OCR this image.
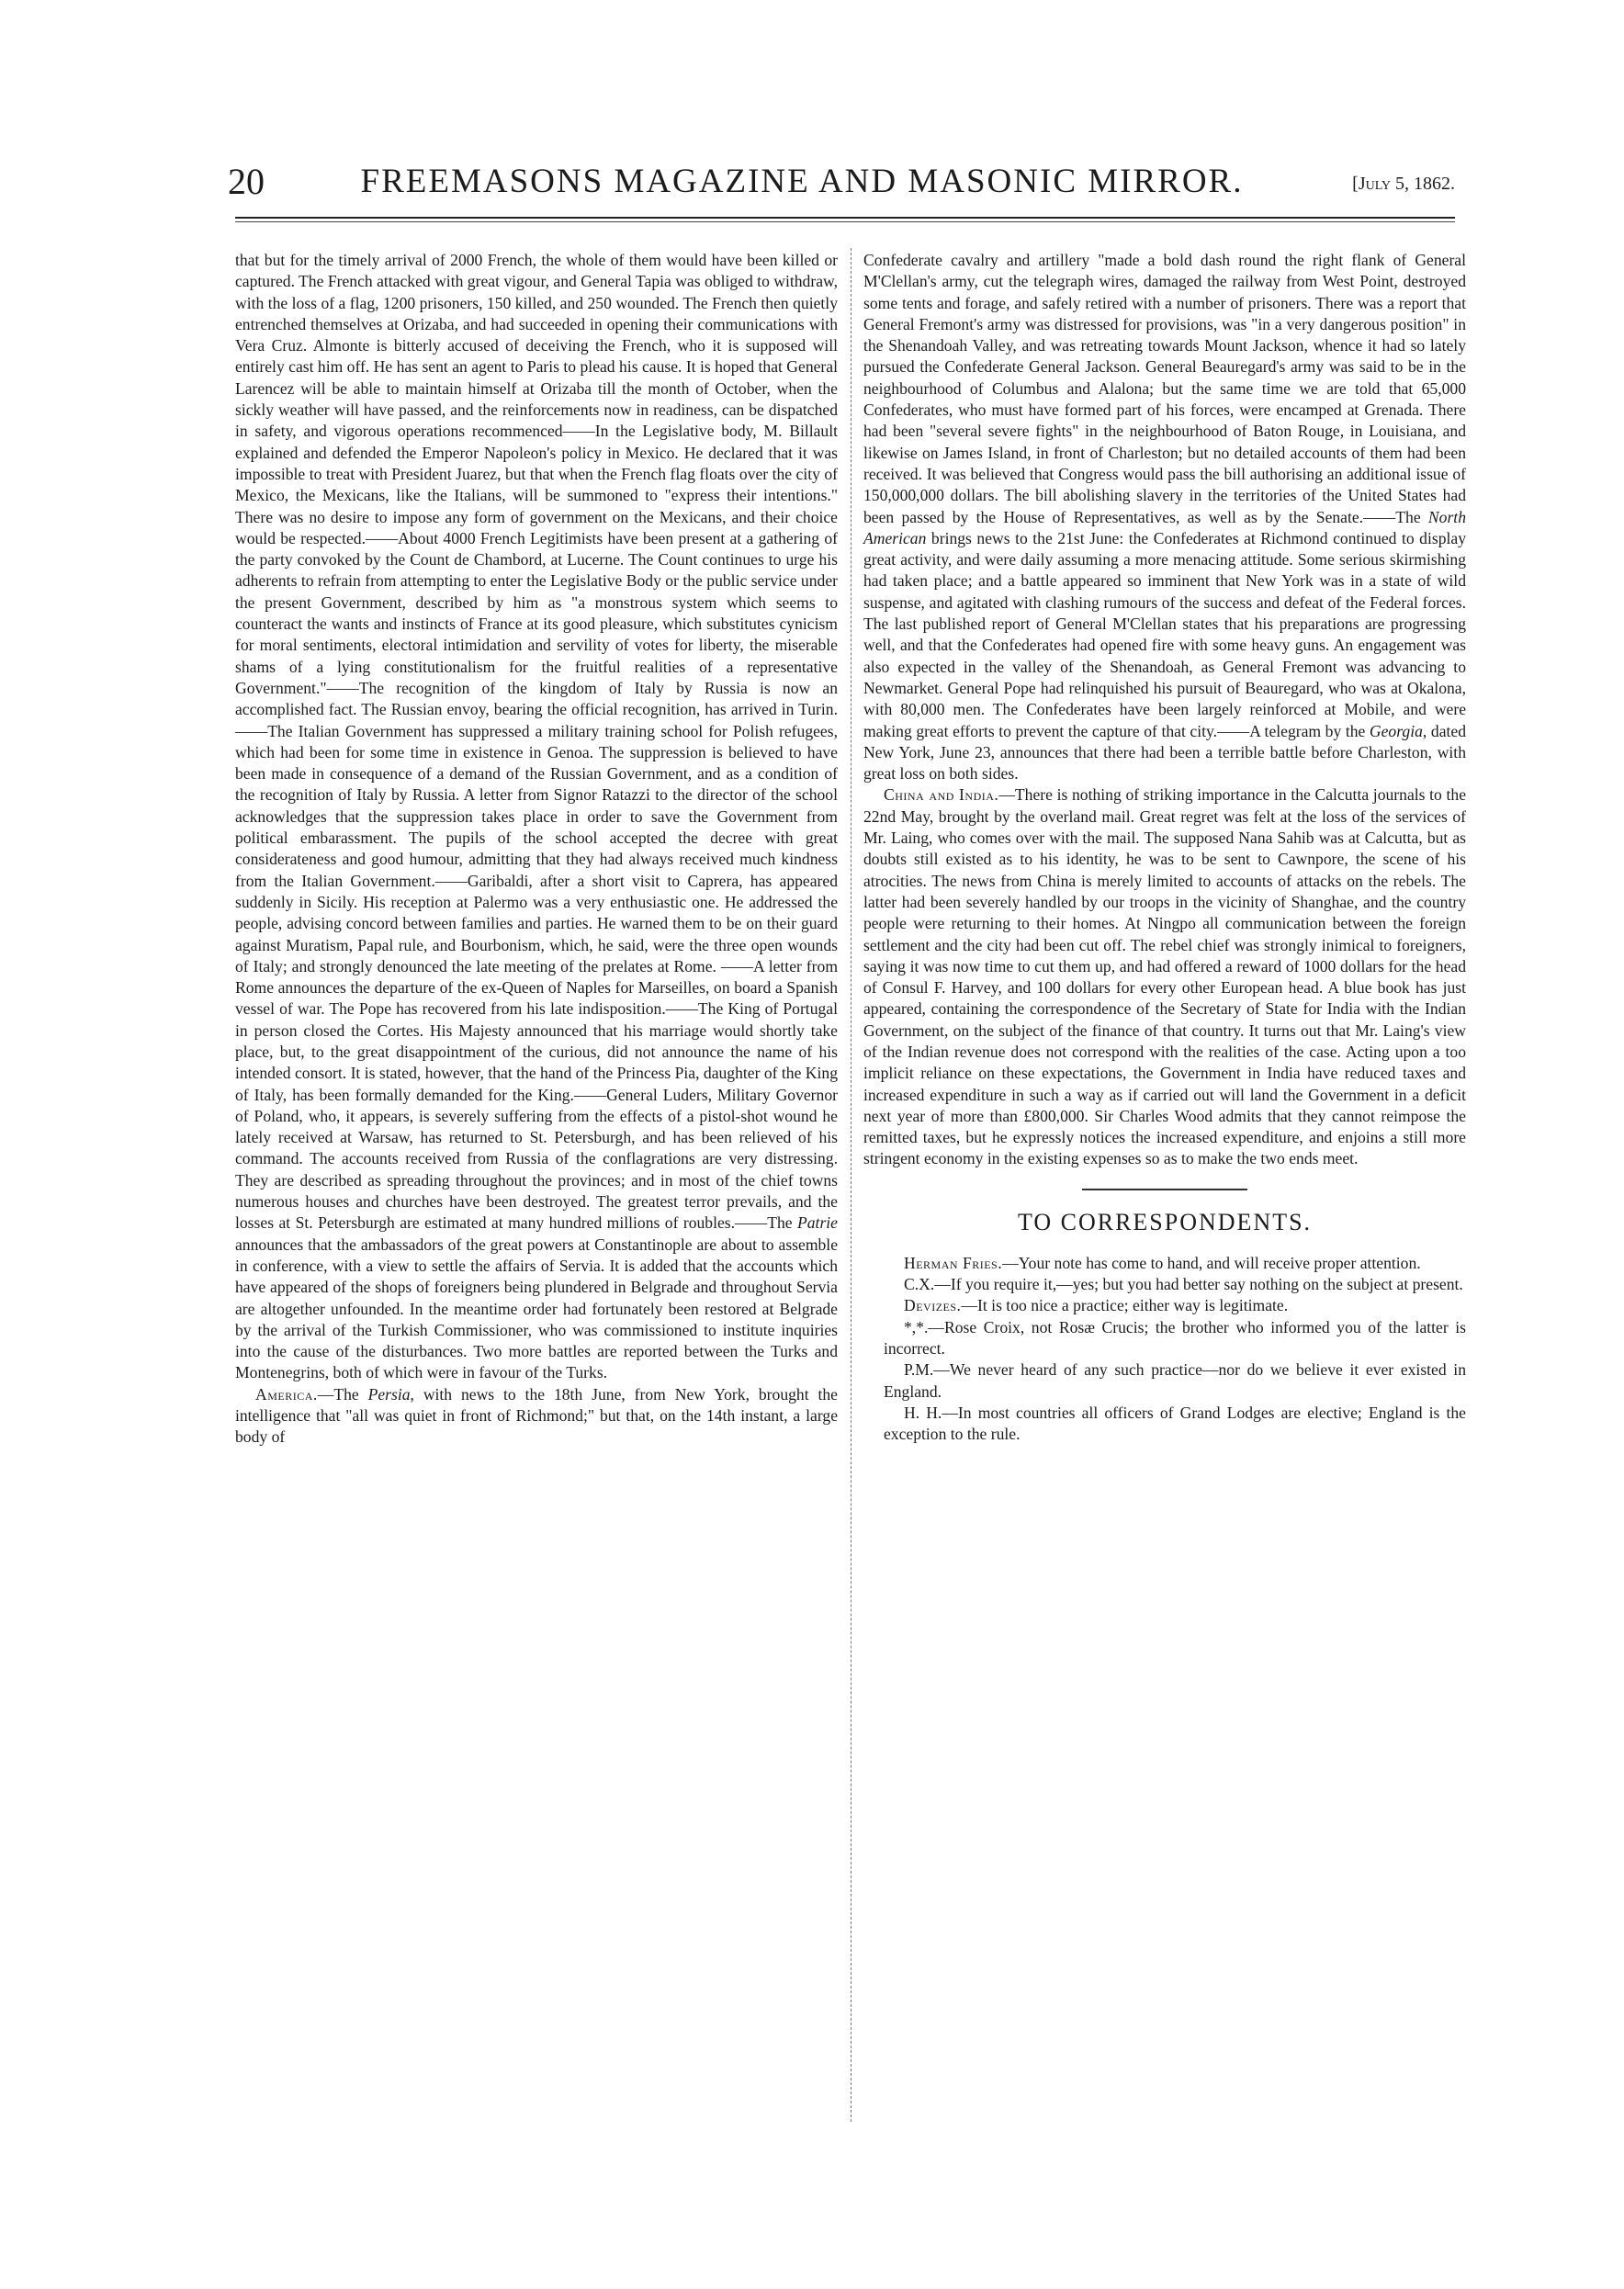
20	FREEMASONS MAGAZINE AND MASONIC MIRROR.	[July 5, 1862.

that but for the timely arrival of 2000 French, the whole of them would have been killed or captured. The French attacked with great vigour, and General Tapia was obliged to withdraw, with the loss of a flag, 1200 prisoners, 150 killed, and 250 wounded. The French then quietly entrenched themselves at Orizaba, and had succeeded in opening their communications with Vera Cruz. Almonte is bitterly accused of deceiving the French, who it is supposed will entirely cast him off. He has sent an agent to Paris to plead his cause. It is hoped that General Larencez will be able to maintain himself at Orizaba till the month of October, when the sickly weather will have passed, and the reinforcements now in readiness, can be dispatched in safety, and vigorous operations recommenced——In the Legislative body, M. Billault explained and defended the Emperor Napoleon's policy in Mexico. He declared that it was impossible to treat with President Juarez, but that when the French flag floats over the city of Mexico, the Mexicans, like the Italians, will be summoned to "express their intentions." There was no desire to impose any form of government on the Mexicans, and their choice would be respected.——About 4000 French Legitimists have been present at a gathering of the party convoked by the Count de Chambord, at Lucerne. The Count continues to urge his adherents to refrain from attempting to enter the Legislative Body or the public service under the present Government, described by him as "a monstrous system which seems to counteract the wants and instincts of France at its good pleasure, which substitutes cynicism for moral sentiments, electoral intimidation and servility of votes for liberty, the miserable shams of a lying constitutionalism for the fruitful realities of a representative Government."——The recognition of the kingdom of Italy by Russia is now an accomplished fact. The Russian envoy, bearing the official recognition, has arrived in Turin.——The Italian Government has suppressed a military training school for Polish refugees, which had been for some time in existence in Genoa. The suppression is believed to have been made in consequence of a demand of the Russian Government, and as a condition of the recognition of Italy by Russia. A letter from Signor Ratazzi to the director of the school acknowledges that the suppression takes place in order to save the Government from political embarassment. The pupils of the school accepted the decree with great considerateness and good humour, admitting that they had always received much kindness from the Italian Government.——Garibaldi, after a short visit to Caprera, has appeared suddenly in Sicily. His reception at Palermo was a very enthusiastic one. He addressed the people, advising concord between families and parties. He warned them to be on their guard against Muratism, Papal rule, and Bourbonism, which, he said, were the three open wounds of Italy; and strongly denounced the late meeting of the prelates at Rome. ——A letter from Rome announces the departure of the ex-Queen of Naples for Marseilles, on board a Spanish vessel of war. The Pope has recovered from his late indisposition.——The King of Portugal in person closed the Cortes. His Majesty announced that his marriage would shortly take place, but, to the great disappointment of the curious, did not announce the name of his intended consort. It is stated, however, that the hand of the Princess Pia, daughter of the King of Italy, has been formally demanded for the King.——General Luders, Military Governor of Poland, who, it appears, is severely suffering from the effects of a pistol-shot wound he lately received at Warsaw, has returned to St. Petersburgh, and has been relieved of his command. The accounts received from Russia of the conflagrations are very distressing. They are described as spreading throughout the provinces; and in most of the chief towns numerous houses and churches have been destroyed. The greatest terror prevails, and the losses at St. Petersburgh are estimated at many hundred millions of roubles.——The Patrie announces that the ambassadors of the great powers at Constantinople are about to assemble in conference, with a view to settle the affairs of Servia. It is added that the accounts which have appeared of the shops of foreigners being plundered in Belgrade and throughout Servia are altogether unfounded. In the meantime order had fortunately been restored at Belgrade by the arrival of the Turkish Commissioner, who was commissioned to institute inquiries into the cause of the disturbances. Two more battles are reported between the Turks and Montenegrins, both of which were in favour of the Turks.

America.—The Persia, with news to the 18th June, from New York, brought the intelligence that "all was quiet in front of Richmond;" but that, on the 14th instant, a large body of

Confederate cavalry and artillery "made a bold dash round the right flank of General M'Clellan's army, cut the telegraph wires, damaged the railway from West Point, destroyed some tents and forage, and safely retired with a number of prisoners. There was a report that General Fremont's army was distressed for provisions, was "in a very dangerous position" in the Shenandoah Valley, and was retreating towards Mount Jackson, whence it had so lately pursued the Confederate General Jackson. General Beauregard's army was said to be in the neighbourhood of Columbus and Alalona; but the same time we are told that 65,000 Confederates, who must have formed part of his forces, were encamped at Grenada. There had been "several severe fights" in the neighbourhood of Baton Rouge, in Louisiana, and likewise on James Island, in front of Charleston; but no detailed accounts of them had been received. It was believed that Congress would pass the bill authorising an additional issue of 150,000,000 dollars. The bill abolishing slavery in the territories of the United States had been passed by the House of Representatives, as well as by the Senate.——The North American brings news to the 21st June: the Confederates at Richmond continued to display great activity, and were daily assuming a more menacing attitude. Some serious skirmishing had taken place; and a battle appeared so imminent that New York was in a state of wild suspense, and agitated with clashing rumours of the success and defeat of the Federal forces. The last published report of General M'Clellan states that his preparations are progressing well, and that the Confederates had opened fire with some heavy guns. An engagement was also expected in the valley of the Shenandoah, as General Fremont was advancing to Newmarket. General Pope had relinquished his pursuit of Beauregard, who was at Okalona, with 80,000 men. The Confederates have been largely reinforced at Mobile, and were making great efforts to prevent the capture of that city.——A telegram by the Georgia, dated New York, June 23, announces that there had been a terrible battle before Charleston, with great loss on both sides.

China and India.—There is nothing of striking importance in the Calcutta journals to the 22nd May, brought by the overland mail. Great regret was felt at the loss of the services of Mr. Laing, who comes over with the mail. The supposed Nana Sahib was at Calcutta, but as doubts still existed as to his identity, he was to be sent to Cawnpore, the scene of his atrocities. The news from China is merely limited to accounts of attacks on the rebels. The latter had been severely handled by our troops in the vicinity of Shanghae, and the country people were returning to their homes. At Ningpo all communication between the foreign settlement and the city had been cut off. The rebel chief was strongly inimical to foreigners, saying it was now time to cut them up, and had offered a reward of 1000 dollars for the head of Consul F. Harvey, and 100 dollars for every other European head. A blue book has just appeared, containing the correspondence of the Secretary of State for India with the Indian Government, on the subject of the finance of that country. It turns out that Mr. Laing's view of the Indian revenue does not correspond with the realities of the case. Acting upon a too implicit reliance on these expectations, the Government in India have reduced taxes and increased expenditure in such a way as if carried out will land the Government in a deficit next year of more than £800,000. Sir Charles Wood admits that they cannot reimpose the remitted taxes, but he expressly notices the increased expenditure, and enjoins a still more stringent economy in the existing expenses so as to make the two ends meet.

TO CORRESPONDENTS.

Herman Fries.—Your note has come to hand, and will receive proper attention.

C.X.—If you require it,—yes; but you had better say nothing on the subject at present.

Devizes.—It is too nice a practice; either way is legitimate.

*,*.—Rose Croix, not Rosæ Crucis; the brother who informed you of the latter is incorrect.

P.M.—We never heard of any such practice—nor do we believe it ever existed in England.

H. H.—In most countries all officers of Grand Lodges are elective; England is the exception to the rule.
